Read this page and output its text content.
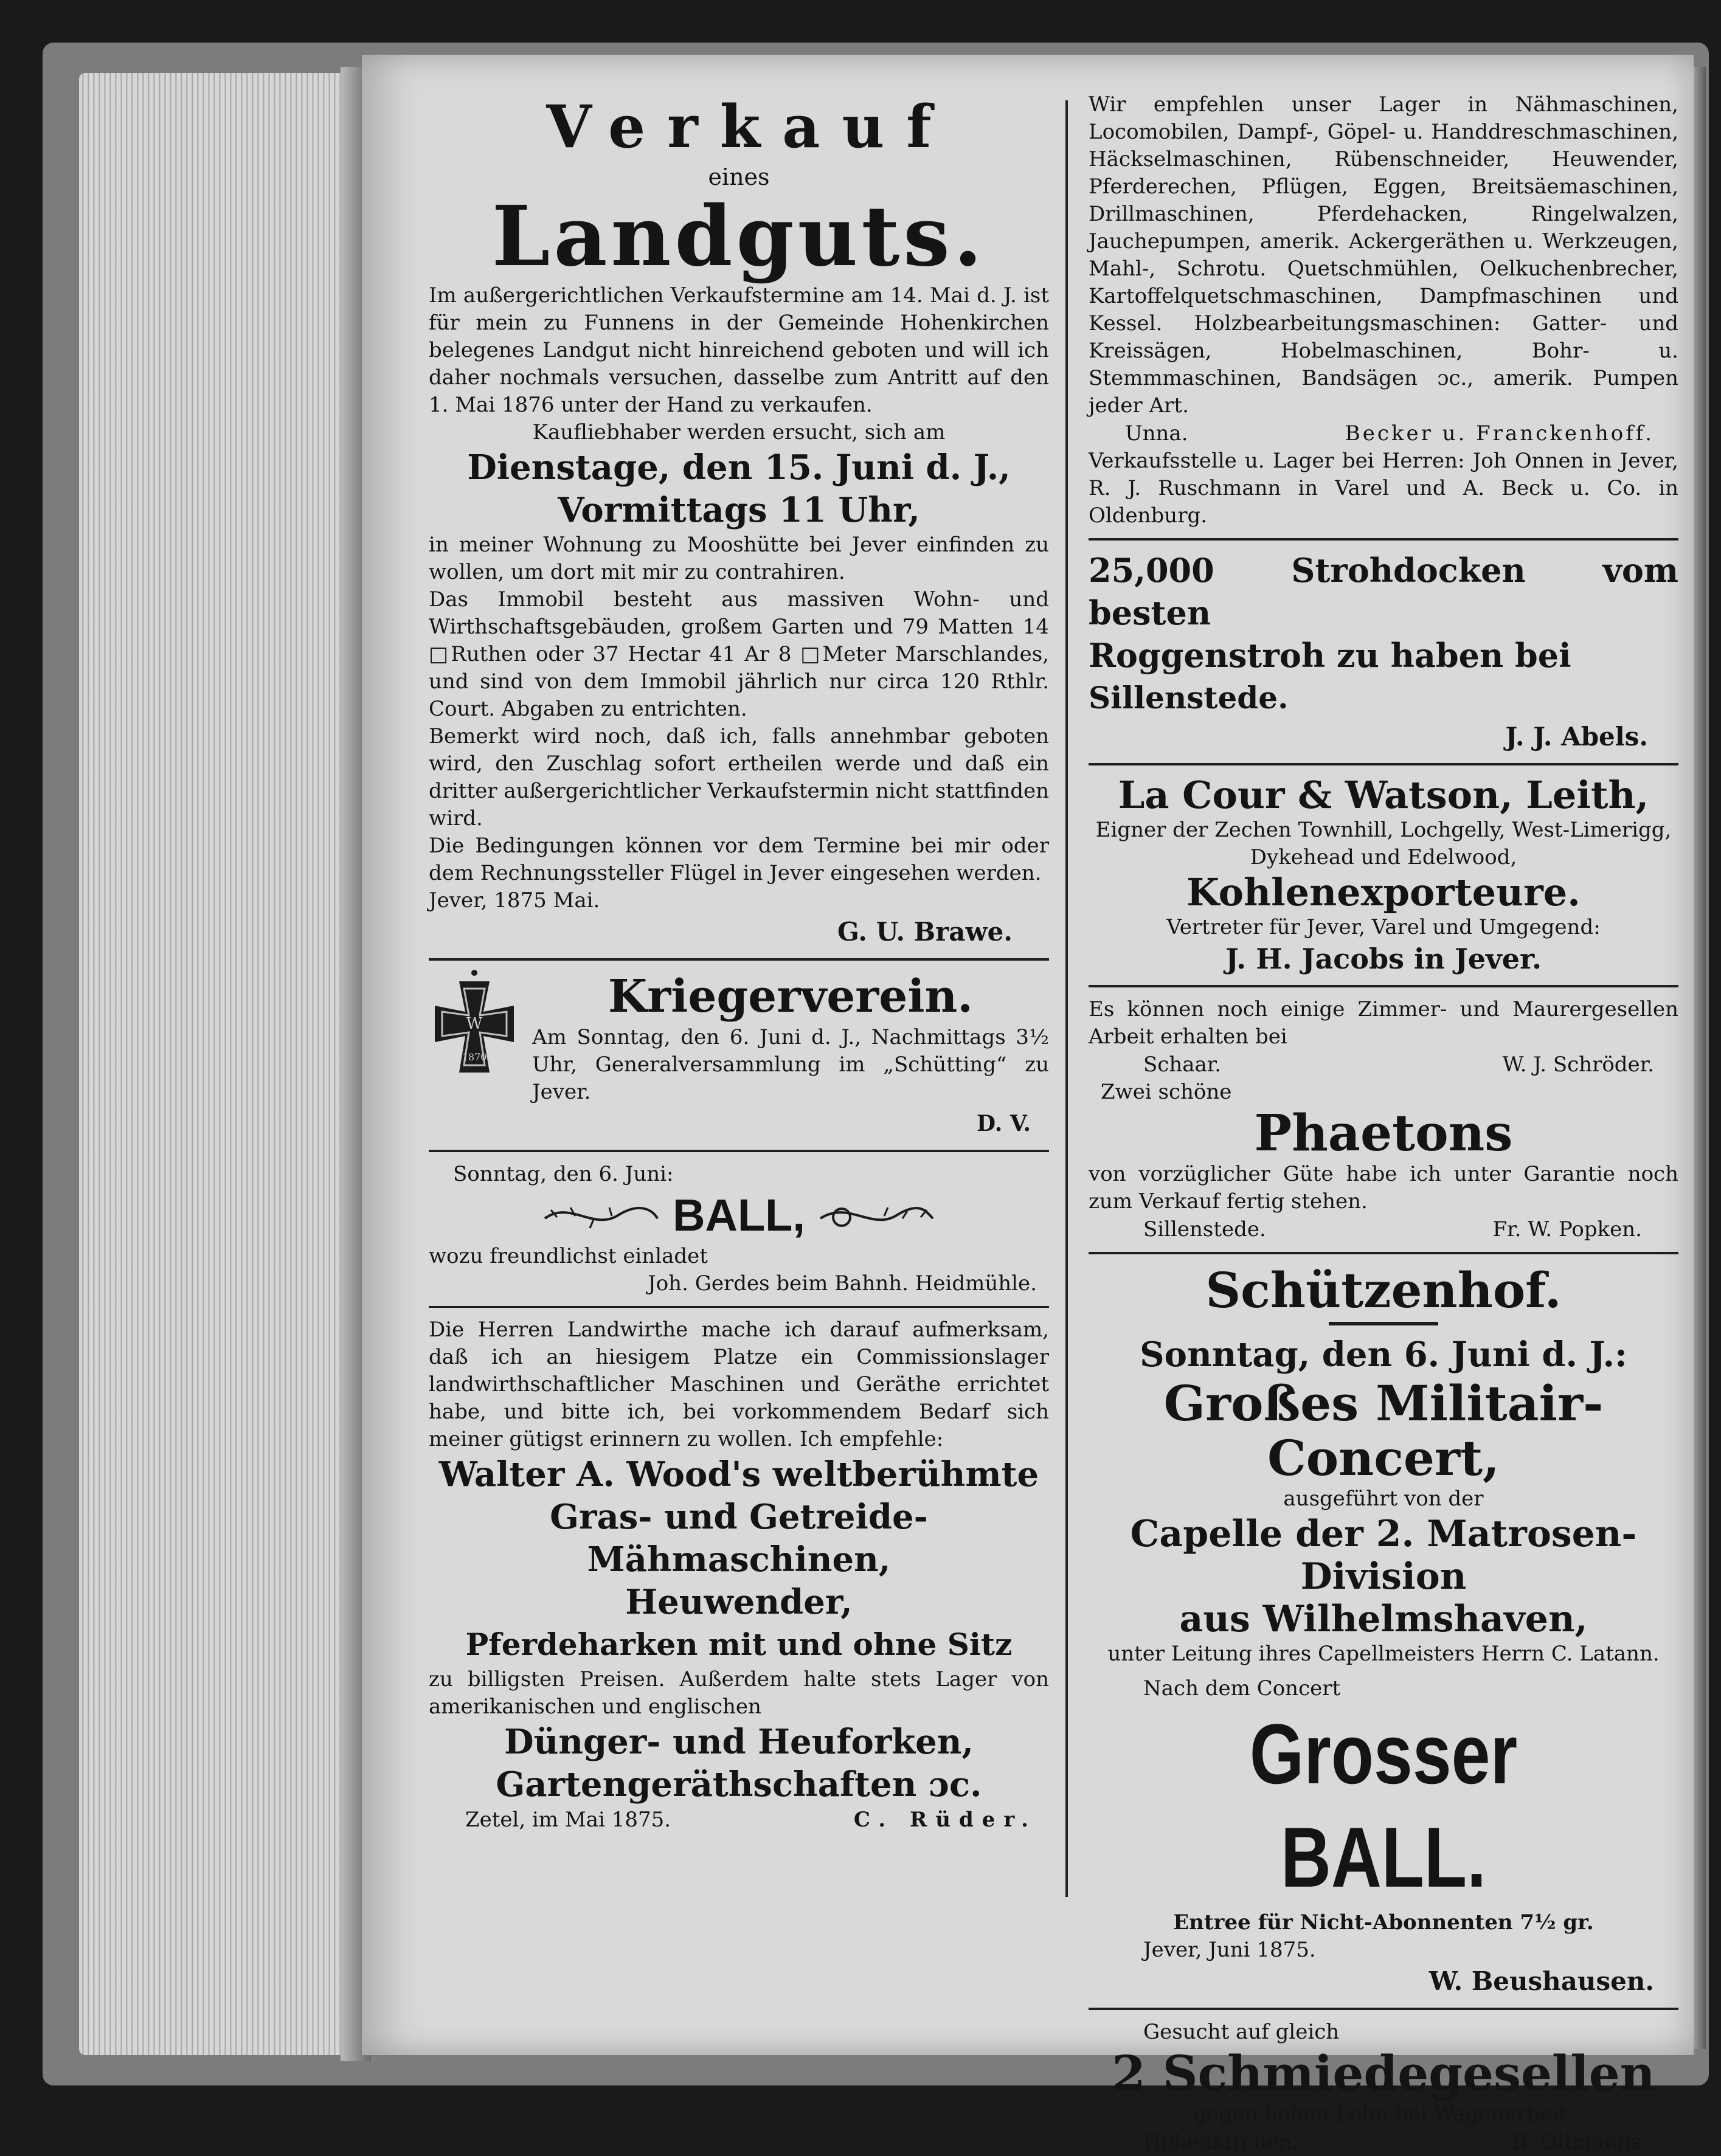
Verkauf
eines
Landguts.

Im außergerichtlichen Verkaufstermine am 14. Mai d. J. ist für mein zu Funnens in der Gemeinde Hohenkirchen belegenes Landgut nicht hinreichend geboten und will ich daher nochmals versuchen, dasselbe zum Antritt auf den 1. Mai 1876 unter der Hand zu verkaufen.

Kaufliebhaber werden ersucht, sich am

Dienstage, den 15. Juni d. J.,
Vormittags 11 Uhr,

in meiner Wohnung zu Mooshütte bei Jever einfinden zu wollen, um dort mit mir zu contrahiren.

Das Immobil besteht aus massiven Wohn- und Wirthschaftsgebäuden, großem Garten und 79 Matten 14 □Ruthen oder 37 Hectar 41 Ar 8 □Meter Marschlandes, und sind von dem Immobil jährlich nur circa 120 Rthlr. Court. Abgaben zu entrichten.

Bemerkt wird noch, daß ich, falls annehmbar geboten wird, den Zuschlag sofort ertheilen werde und daß ein dritter außergerichtlicher Verkaufstermin nicht stattfinden wird.

Die Bedingungen können vor dem Termine bei mir oder dem Rechnungssteller Flügel in Jever eingesehen werden.

Jever, 1875 Mai.

G. U. Brawe.
W
1870
Kriegerverein.

Am Sonntag, den 6. Juni d. J., Nachmittags 3½ Uhr, Generalversammlung im „Schütting“ zu Jever.

D. V.

Sonntag, den 6. Juni:

BALL,

wozu freundlichst einladet

Joh. Gerdes beim Bahnh. Heidmühle.

Die Herren Landwirthe mache ich darauf aufmerksam, daß ich an hiesigem Platze ein Commissionslager landwirthschaftlicher Maschinen und Geräthe errichtet habe, und bitte ich, bei vorkommendem Bedarf sich meiner gütigst erinnern zu wollen. Ich empfehle:

Walter A. Wood's weltberühmte
Gras- und Getreide-Mähmaschinen,
Heuwender,
Pferdeharken mit und ohne Sitz

zu billigsten Preisen. Außerdem halte stets Lager von amerikanischen und englischen

Dünger- und Heuforken,
Gartengeräthschaften ɔc.
Zetel, im Mai 1875.	C. Rüder.

Wir empfehlen unser Lager in Nähmaschinen, Locomobilen, Dampf-, Göpel- u. Handdreschmaschinen, Häckselmaschinen, Rübenschneider, Heuwender, Pferderechen, Pflügen, Eggen, Breitsäemaschinen, Drillmaschinen, Pferdehacken, Ringelwalzen, Jauchepumpen, amerik. Ackergeräthen u. Werkzeugen, Mahl-, Schrotu. Quetschmühlen, Oelkuchenbrecher, Kartoffelquetschmaschinen, Dampfmaschinen und Kessel. Holzbearbeitungsmaschinen: Gatter- und Kreissägen, Hobelmaschinen, Bohr- u. Stemmmaschinen, Bandsägen ɔc., amerik. Pumpen jeder Art.

Unna.	Becker u. Franckenhoff.

Verkaufsstelle u. Lager bei Herren: Joh Onnen in Jever, R. J. Ruschmann in Varel und A. Beck u. Co. in Oldenburg.

25,000 Strohdocken vom besten
Roggenstroh zu haben bei
Sillenstede.
J. J. Abels.
La Cour & Watson, Leith,

Eigner der Zechen Townhill, Lochgelly, West-Limerigg, Dykehead und Edelwood,

Kohlenexporteure.

Vertreter für Jever, Varel und Umgegend:

J. H. Jacobs in Jever.

Es können noch einige Zimmer- und Maurergesellen Arbeit erhalten bei

Schaar.	W. J. Schröder.

Zwei schöne

Phaetons

von vorzüglicher Güte habe ich unter Garantie noch zum Verkauf fertig stehen.

Sillenstede.	Fr. W. Popken.
Schützenhof.
Sonntag, den 6. Juni d. J.:
Großes Militair-Concert,

ausgeführt von der

Capelle der 2. Matrosen-Division
aus Wilhelmshaven,

unter Leitung ihres Capellmeisters Herrn C. Latann.

Nach dem Concert

Grosser BALL.

Entree für Nicht-Abonnenten 7½ gr.

Jever, Juni 1875.

W. Beushausen.

Gesucht auf gleich

2 Schmiedegesellen

gegen hohen Lohn bei Wagenarbeit.

Hohenkirchen.	B. Oltmanns.
